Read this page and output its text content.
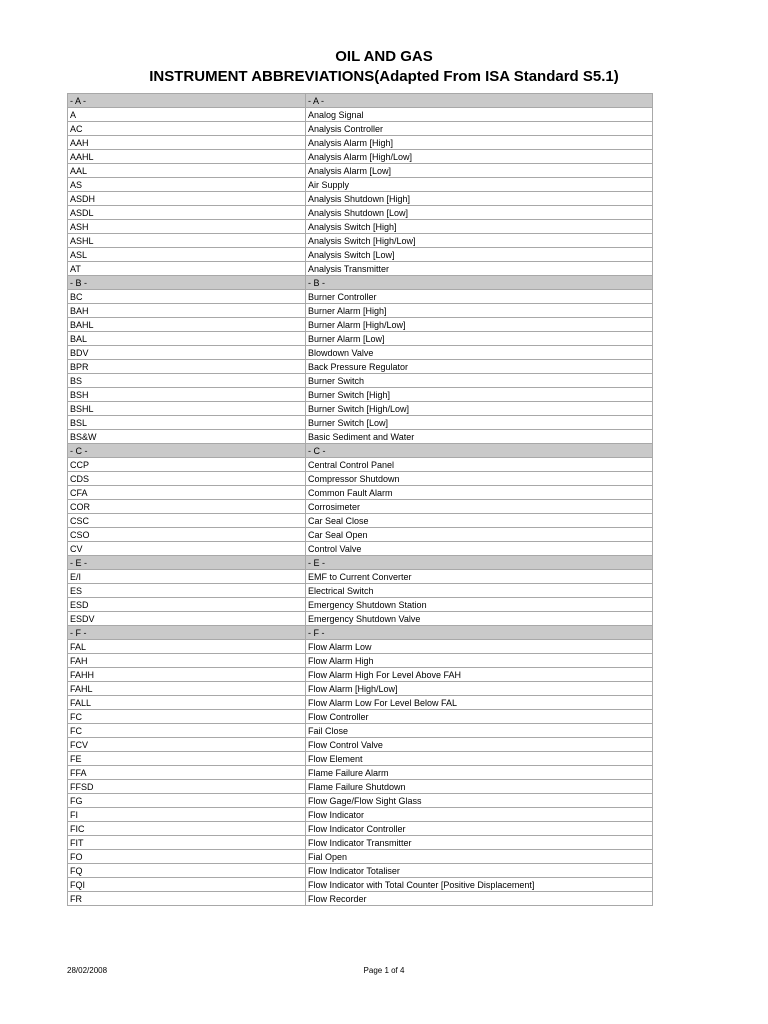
OIL AND GAS
INSTRUMENT ABBREVIATIONS(Adapted From ISA Standard S5.1)
- A -	- A -
A	Analog Signal
AC	Analysis Controller
AAH	Analysis Alarm [High]
AAHL	Analysis Alarm [High/Low]
AAL	Analysis Alarm [Low]
AS	Air Supply
ASDH	Analysis Shutdown [High]
ASDL	Analysis Shutdown [Low]
ASH	Analysis Switch [High]
ASHL	Analysis Switch [High/Low]
ASL	Analysis Switch [Low]
AT	Analysis Transmitter
- B -	- B -
BC	Burner Controller
BAH	Burner Alarm [High]
BAHL	Burner Alarm [High/Low]
BAL	Burner Alarm [Low]
BDV	Blowdown Valve
BPR	Back Pressure Regulator
BS	Burner Switch
BSH	Burner Switch [High]
BSHL	Burner Switch [High/Low]
BSL	Burner Switch [Low]
BS&W	Basic Sediment and Water
- C -	- C -
CCP	Central Control Panel
CDS	Compressor Shutdown
CFA	Common Fault Alarm
COR	Corrosimeter
CSC	Car Seal Close
CSO	Car Seal Open
CV	Control Valve
- E -	- E -
E/I	EMF to Current Converter
ES	Electrical Switch
ESD	Emergency Shutdown Station
ESDV	Emergency Shutdown Valve
- F -	- F -
FAL	Flow Alarm Low
FAH	Flow Alarm High
FAHH	Flow Alarm High For Level Above FAH
FAHL	Flow Alarm [High/Low]
FALL	Flow Alarm Low For Level Below FAL
FC	Flow Controller
FC	Fail Close
FCV	Flow Control Valve
FE	Flow Element
FFA	Flame Failure Alarm
FFSD	Flame Failure Shutdown
FG	Flow Gage/Flow Sight Glass
FI	Flow Indicator
FIC	Flow Indicator Controller
FIT	Flow Indicator Transmitter
FO	Fial Open
FQ	Flow Indicator Totaliser
FQI	Flow Indicator with Total Counter [Positive Displacement]
FR	Flow Recorder
28/02/2008	Page 1 of 4
